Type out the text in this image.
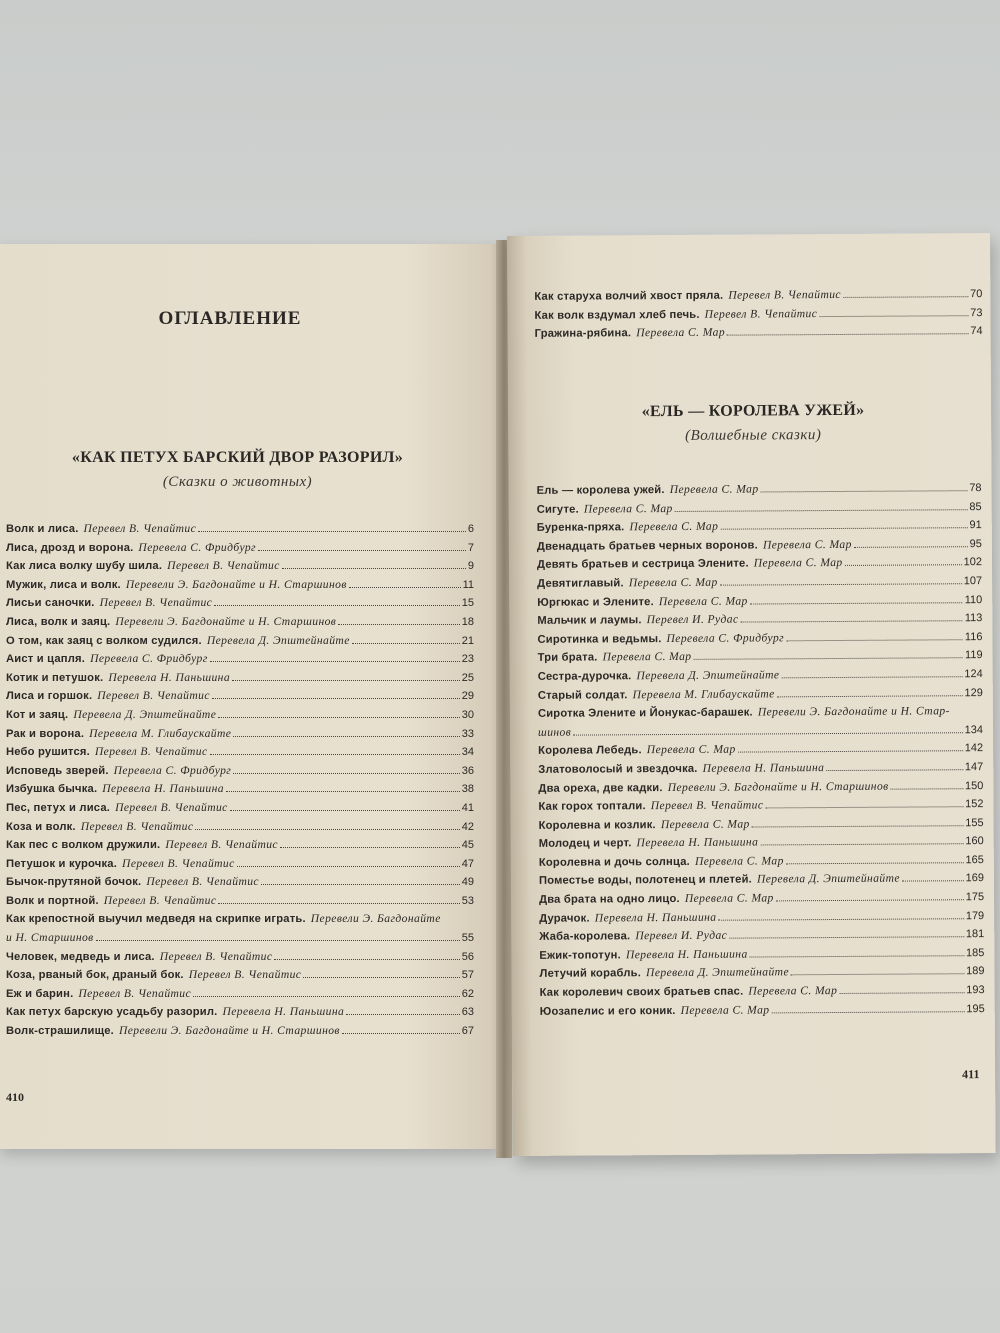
ОГЛАВЛЕНИЕ
«КАК ПЕТУХ БАРСКИЙ ДВОР РАЗОРИЛ»
(Сказки о животных)
Волк и лиса. Перевел В. Чепайтис	6
Лиса, дрозд и ворона. Перевела С. Фридбург	7
Как лиса волку шубу шила. Перевел В. Чепайтис	9
Мужик, лиса и волк. Перевели Э. Багдонайте и Н. Старшинов	11
Лисьи саночки. Перевел В. Чепайтис	15
Лиса, волк и заяц. Перевели Э. Багдонайте и Н. Старшинов	18
О том, как заяц с волком судился. Перевела Д. Эпштейнайте	21
Аист и цапля. Перевела С. Фридбург	23
Котик и петушок. Перевела Н. Паньшина	25
Лиса и горшок. Перевел В. Чепайтис	29
Кот и заяц. Перевела Д. Эпштейнайте	30
Рак и ворона. Перевела М. Глибаускайте	33
Небо рушится. Перевел В. Чепайтис	34
Исповедь зверей. Перевела С. Фридбург	36
Избушка бычка. Перевела Н. Паньшина	38
Пес, петух и лиса. Перевел В. Чепайтис	41
Коза и волк. Перевел В. Чепайтис	42
Как пес с волком дружили. Перевел В. Чепайтис	45
Петушок и курочка. Перевел В. Чепайтис	47
Бычок-прутяной бочок. Перевел В. Чепайтис	49
Волк и портной. Перевел В. Чепайтис	53
Как крепостной выучил медведя на скрипке играть. Перевели Э. Багдонайте
и Н. Старшинов	55
Человек, медведь и лиса. Перевел В. Чепайтис	56
Коза, рваный бок, драный бок. Перевел В. Чепайтис	57
Еж и барин. Перевел В. Чепайтис	62
Как петух барскую усадьбу разорил. Перевела Н. Паньшина	63
Волк-страшилище. Перевели Э. Багдонайте и Н. Старшинов	67
410
Как старуха волчий хвост пряла. Перевел В. Чепайтис	70
Как волк вздумал хлеб печь. Перевел В. Чепайтис	73
Гражина-рябина. Перевела С. Мар	74
«ЕЛЬ — КОРОЛЕВА УЖЕЙ»
(Волшебные сказки)
Ель — королева ужей. Перевела С. Мар	78
Сигуте. Перевела С. Мар	85
Буренка-пряха. Перевела С. Мар	91
Двенадцать братьев черных воронов. Перевела С. Мар	95
Девять братьев и сестрица Элените. Перевела С. Мар	102
Девятиглавый. Перевела С. Мар	107
Юргюкас и Элените. Перевела С. Мар	110
Мальчик и лаумы. Перевел И. Рудас	113
Сиротинка и ведьмы. Перевела С. Фридбург	116
Три брата. Перевела С. Мар	119
Сестра-дурочка. Перевела Д. Эпштейнайте	124
Старый солдат. Перевела М. Глибаускайте	129
Сиротка Элените и Йонукас-барашек. Перевели Э. Багдонайте и Н. Стар-
шинов	134
Королева Лебедь. Перевела С. Мар	142
Златоволосый и звездочка. Перевела Н. Паньшина	147
Два ореха, две кадки. Перевели Э. Багдонайте и Н. Старшинов	150
Как горох топтали. Перевел В. Чепайтис	152
Королевна и козлик. Перевела С. Мар	155
Молодец и черт. Перевела Н. Паньшина	160
Королевна и дочь солнца. Перевела С. Мар	165
Поместье воды, полотенец и плетей. Перевела Д. Эпштейнайте	169
Два брата на одно лицо. Перевела С. Мар	175
Дурачок. Перевела Н. Паньшина	179
Жаба-королева. Перевел И. Рудас	181
Ежик-топотун. Перевела Н. Паньшина	185
Летучий корабль. Перевела Д. Эпштейнайте	189
Как королевич своих братьев спас. Перевела С. Мар	193
Юозапелис и его коник. Перевела С. Мар	195
411
